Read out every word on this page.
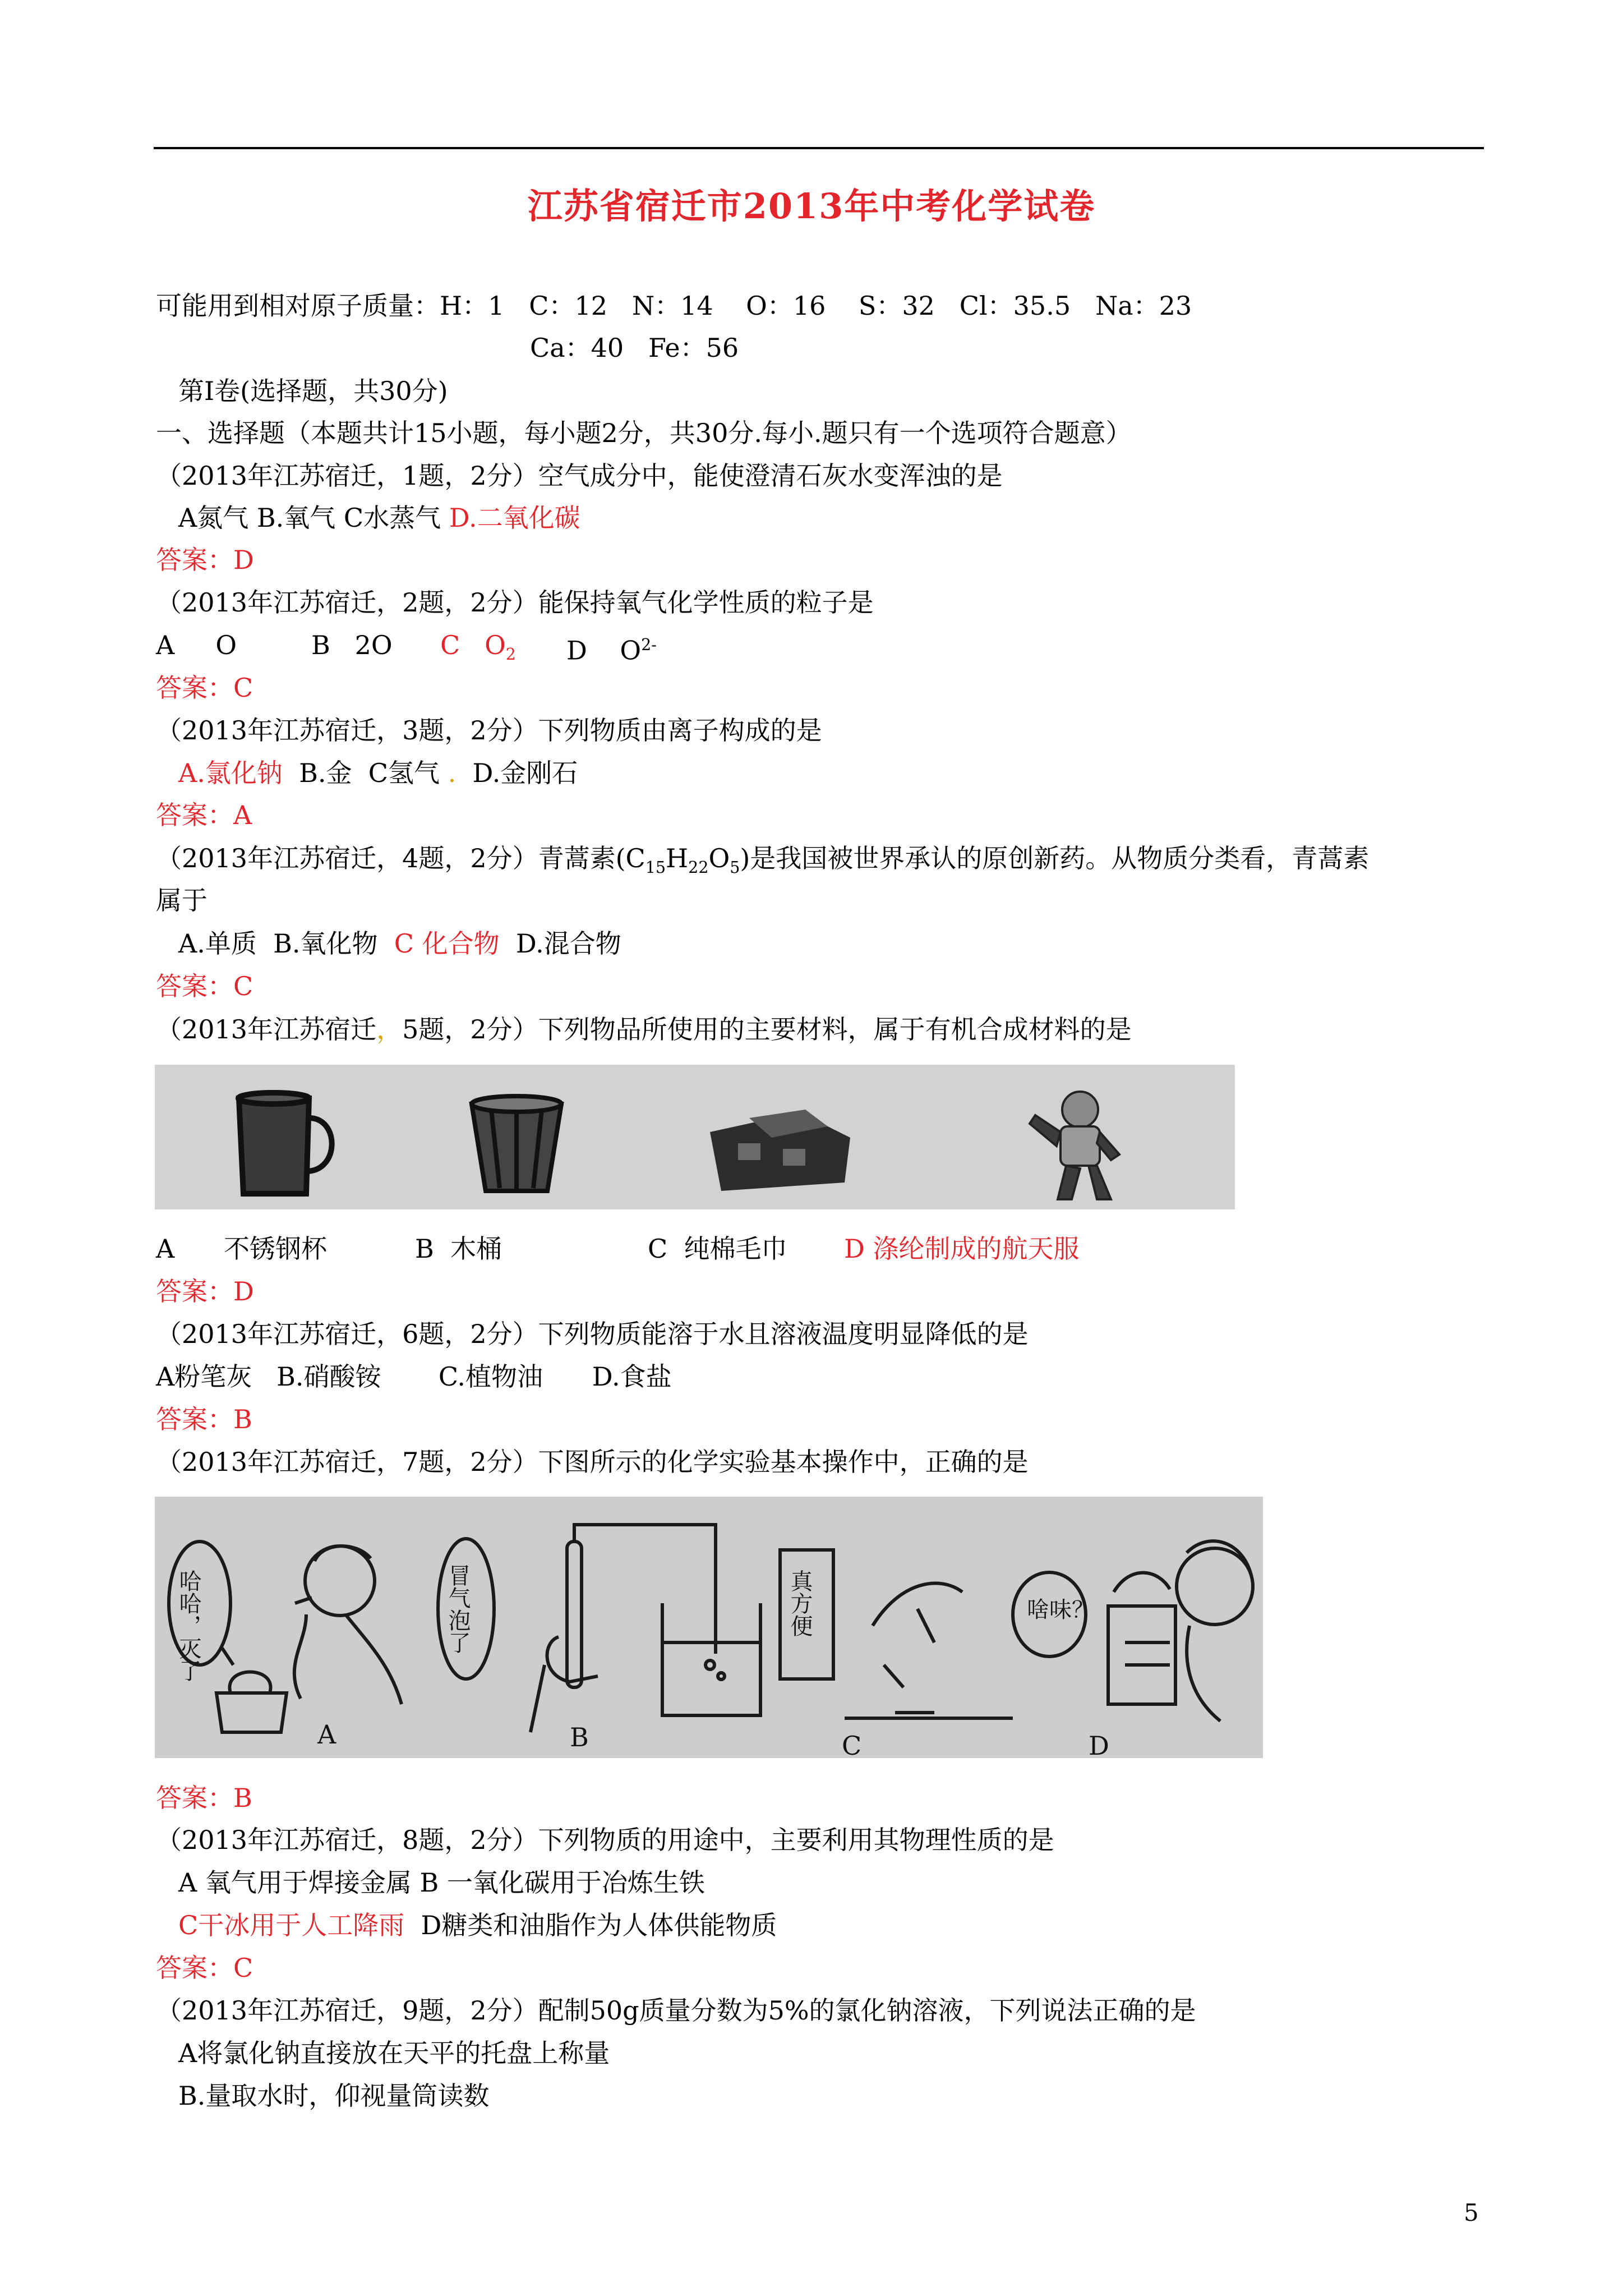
江苏省宿迁市2013年中考化学试卷
可能用到相对原子质量：H：1   C：12   N：14    O：16    S：32   Cl：35.5   Na：23
Ca：40   Fe：56
第Ⅰ卷(选择题，共30分)
一、选择题（本题共计15小题，每小题2分，共30分.每小.题只有一个选项符合题意）
（2013年江苏宿迁，1题，2分）空气成分中，能使澄清石灰水变浑浊的是
A氮气 B.氧气 C水蒸气 D.二氧化碳
答案：D
（2013年江苏宿迁，2题，2分）能保持氧气化学性质的粒子是
A     O	B   2O C   $O_2$ D    $O^{2-}$
答案：C
（2013年江苏宿迁，3题，2分）下列物质由离子构成的是
A.氯化钠  B.金  C氢气 .  D.金刚石
答案：A
（2013年江苏宿迁，4题，2分）青蒿素$(C_{15}H_{22}O_5)$是我国被世界承认的原创新药。从物质分类看，青蒿素
属于
A.单质  B.氧化物  C 化合物  D.混合物
答案：C
（2013年江苏宿迁，5题，2分）下列物品所使用的主要材料，属于有机合成材料的是
A      不锈钢杯	B  木桶	C  纯棉毛巾 D 涤纶制成的航天服
答案：D
（2013年江苏宿迁，6题，2分）下列物质能溶于水且溶液温度明显降低的是
A粉笔灰   B.硝酸铵       C.植物油      D.食盐
答案：B
（2013年江苏宿迁，7题，2分）下图所示的化学实验基本操作中，正确的是
哈哈，灭了	冒气泡了	真方便	啥味？
A	B	C	D
答案：B
（2013年江苏宿迁，8题，2分）下列物质的用途中，主要利用其物理性质的是
A 氧气用于焊接金属 B 一氧化碳用于冶炼生铁
C干冰用于人工降雨  D糖类和油脂作为人体供能物质
答案：C
（2013年江苏宿迁，9题，2分）配制50g质量分数为5%的氯化钠溶液，下列说法正确的是
A将氯化钠直接放在天平的托盘上称量
B.量取水时，仰视量筒读数
5
